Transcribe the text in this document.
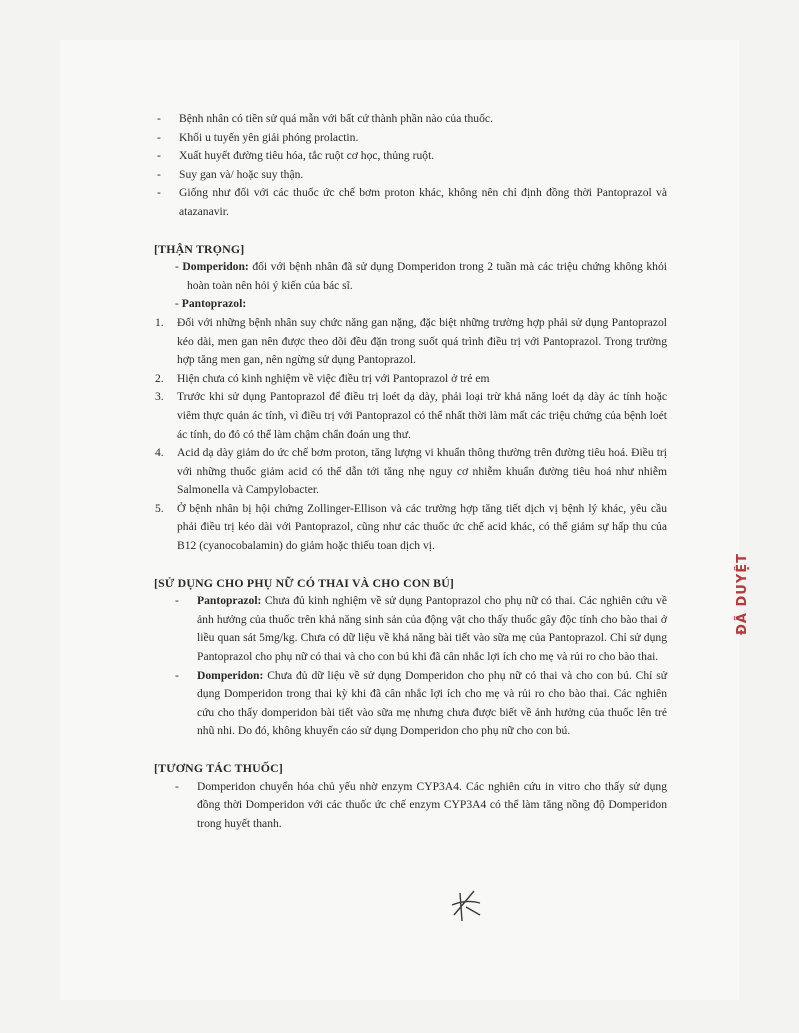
-	Bệnh nhân có tiền sử quá mẫn với bất cứ thành phần nào của thuốc.
-	Khối u tuyến yên giải phóng prolactin.
-	Xuất huyết đường tiêu hóa, tắc ruột cơ học, thủng ruột.
-	Suy gan và/ hoặc suy thận.
-	Giống như đối với các thuốc ức chế bơm proton khác, không nên chỉ định đồng thời Pantoprazol và atazanavir.
[THẬN TRỌNG]
- Domperidon: đối với bệnh nhân đã sử dụng Domperidon trong 2 tuần mà các triệu chứng không khỏi hoàn toàn nên hỏi ý kiến của bác sĩ.
- Pantoprazol:
1. Đối với những bệnh nhân suy chức năng gan nặng, đặc biệt những trường hợp phải sử dụng Pantoprazol kéo dài, men gan nên được theo dõi đều đặn trong suốt quá trình điều trị với Pantoprazol. Trong trường hợp tăng men gan, nên ngừng sử dụng Pantoprazol.
2. Hiện chưa có kinh nghiệm về việc điều trị với Pantoprazol ở trẻ em
3. Trước khi sử dụng Pantoprazol để điều trị loét dạ dày, phải loại trừ khả năng loét dạ dày ác tính hoặc viêm thực quản ác tính, vì điều trị với Pantoprazol có thể nhất thời làm mất các triệu chứng của bệnh loét ác tính, do đó có thể làm chậm chẩn đoán ung thư.
4. Acid dạ dày giảm do ức chế bơm proton, tăng lượng vi khuẩn thông thường trên đường tiêu hoá. Điều trị với những thuốc giảm acid có thể dẫn tới tăng nhẹ nguy cơ nhiễm khuẩn đường tiêu hoá như nhiễm Salmonella và Campylobacter.
5. Ở bệnh nhân bị hội chứng Zollinger-Ellison và các trường hợp tăng tiết dịch vị bệnh lý khác, yêu cầu phải điều trị kéo dài với Pantoprazol, cũng như các thuốc ức chế acid khác, có thể giảm sự hấp thu của B12 (cyanocobalamin) do giảm hoặc thiếu toan dịch vị.
[SỬ DỤNG CHO PHỤ NỮ CÓ THAI VÀ CHO CON BÚ]
-	Pantoprazol: Chưa đủ kinh nghiệm về sử dụng Pantoprazol cho phụ nữ có thai. Các nghiên cứu về ảnh hưởng của thuốc trên khả năng sinh sản của động vật cho thấy thuốc gây độc tính cho bào thai ở liều quan sát 5mg/kg. Chưa có dữ liệu về khả năng bài tiết vào sữa mẹ của Pantoprazol. Chỉ sử dụng Pantoprazol cho phụ nữ có thai và cho con bú khi đã cân nhắc lợi ích cho mẹ và rủi ro cho bào thai.
-	Domperidon: Chưa đủ dữ liệu về sử dụng Domperidon cho phụ nữ có thai và cho con bú. Chỉ sử dụng Domperidon trong thai kỳ khi đã cân nhắc lợi ích cho mẹ và rủi ro cho bào thai. Các nghiên cứu cho thấy domperidon bài tiết vào sữa mẹ nhưng chưa được biết về ảnh hưởng của thuốc lên trẻ nhũ nhi. Do đó, không khuyến cáo sử dụng Domperidon cho phụ nữ cho con bú.
[TƯƠNG TÁC THUỐC]
-	Domperidon chuyển hóa chủ yếu nhờ enzym CYP3A4. Các nghiên cứu in vitro cho thấy sử dụng đồng thời Domperidon với các thuốc ức chế enzym CYP3A4 có thể làm tăng nồng độ Domperidon trong huyết thanh.
ĐÃ DUYỆT
